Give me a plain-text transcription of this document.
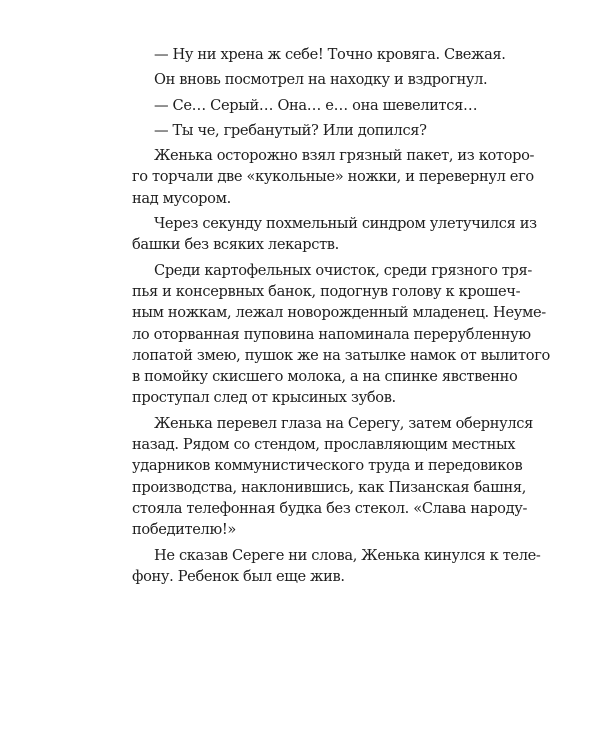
— Ну ни хрена ж себе! Точно кровяга. Свежая.
Он вновь посмотрел на находку и вздрогнул.
— Се… Серый… Она… е… она шевелится…
— Ты че, гребанутый? Или допился?
Женька осторожно взял грязный пакет, из которо-
го торчали две «кукольные» ножки, и перевернул его
над мусором.
Через секунду похмельный синдром улетучился из
башки без всяких лекарств.
Среди картофельных очисток, среди грязного тря-
пья и консервных банок, подогнув голову к крошеч-
ным ножкам, лежал новорожденный младенец. Неуме-
ло оторванная пуповина напоминала перерубленную
лопатой змею, пушок же на затылке намок от вылитого
в помойку скисшего молока, а на спинке явственно
проступал след от крысиных зубов.
Женька перевел глаза на Серегу, затем обернулся
назад. Рядом со стендом, прославляющим местных
ударников коммунистического труда и передовиков
производства, наклонившись, как Пизанская башня,
стояла телефонная будка без стекол. «Слава народу-
победителю!»
Не сказав Сереге ни слова, Женька кинулся к теле-
фону. Ребенок был еще жив.
